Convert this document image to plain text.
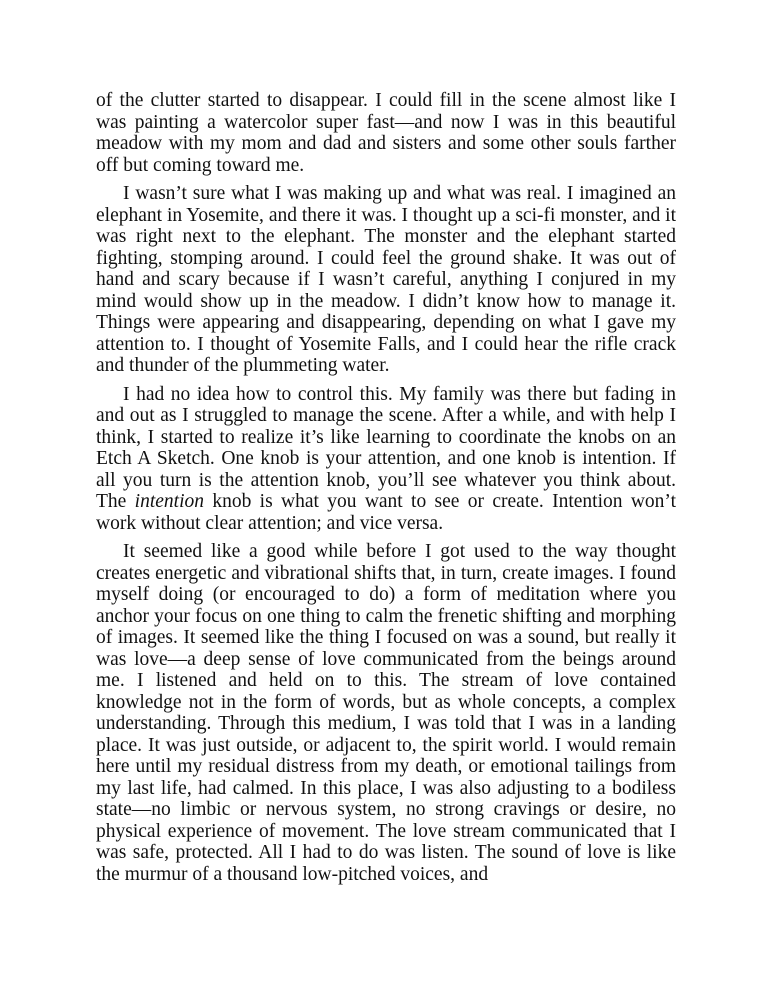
of the clutter started to disappear. I could fill in the scene almost like I was painting a watercolor super fast—and now I was in this beautiful meadow with my mom and dad and sisters and some other souls farther off but coming toward me.

I wasn’t sure what I was making up and what was real. I imagined an elephant in Yosemite, and there it was. I thought up a sci-fi monster, and it was right next to the elephant. The monster and the elephant started fighting, stomping around. I could feel the ground shake. It was out of hand and scary because if I wasn’t careful, anything I conjured in my mind would show up in the meadow. I didn’t know how to manage it. Things were appearing and disappearing, depending on what I gave my attention to. I thought of Yosemite Falls, and I could hear the rifle crack and thunder of the plummeting water.

I had no idea how to control this. My family was there but fading in and out as I struggled to manage the scene. After a while, and with help I think, I started to realize it’s like learning to coordinate the knobs on an Etch A Sketch. One knob is your attention, and one knob is intention. If all you turn is the attention knob, you’ll see whatever you think about. The intention knob is what you want to see or create. Intention won’t work without clear attention; and vice versa.

It seemed like a good while before I got used to the way thought creates energetic and vibrational shifts that, in turn, create images. I found myself doing (or encouraged to do) a form of meditation where you anchor your focus on one thing to calm the frenetic shifting and morphing of images. It seemed like the thing I focused on was a sound, but really it was love—a deep sense of love communicated from the beings around me. I listened and held on to this. The stream of love contained knowledge not in the form of words, but as whole concepts, a complex understanding. Through this medium, I was told that I was in a landing place. It was just outside, or adjacent to, the spirit world. I would remain here until my residual distress from my death, or emotional tailings from my last life, had calmed. In this place, I was also adjusting to a bodiless state—no limbic or nervous system, no strong cravings or desire, no physical experience of movement. The love stream communicated that I was safe, protected. All I had to do was listen. The sound of love is like the murmur of a thousand low-pitched voices, and
